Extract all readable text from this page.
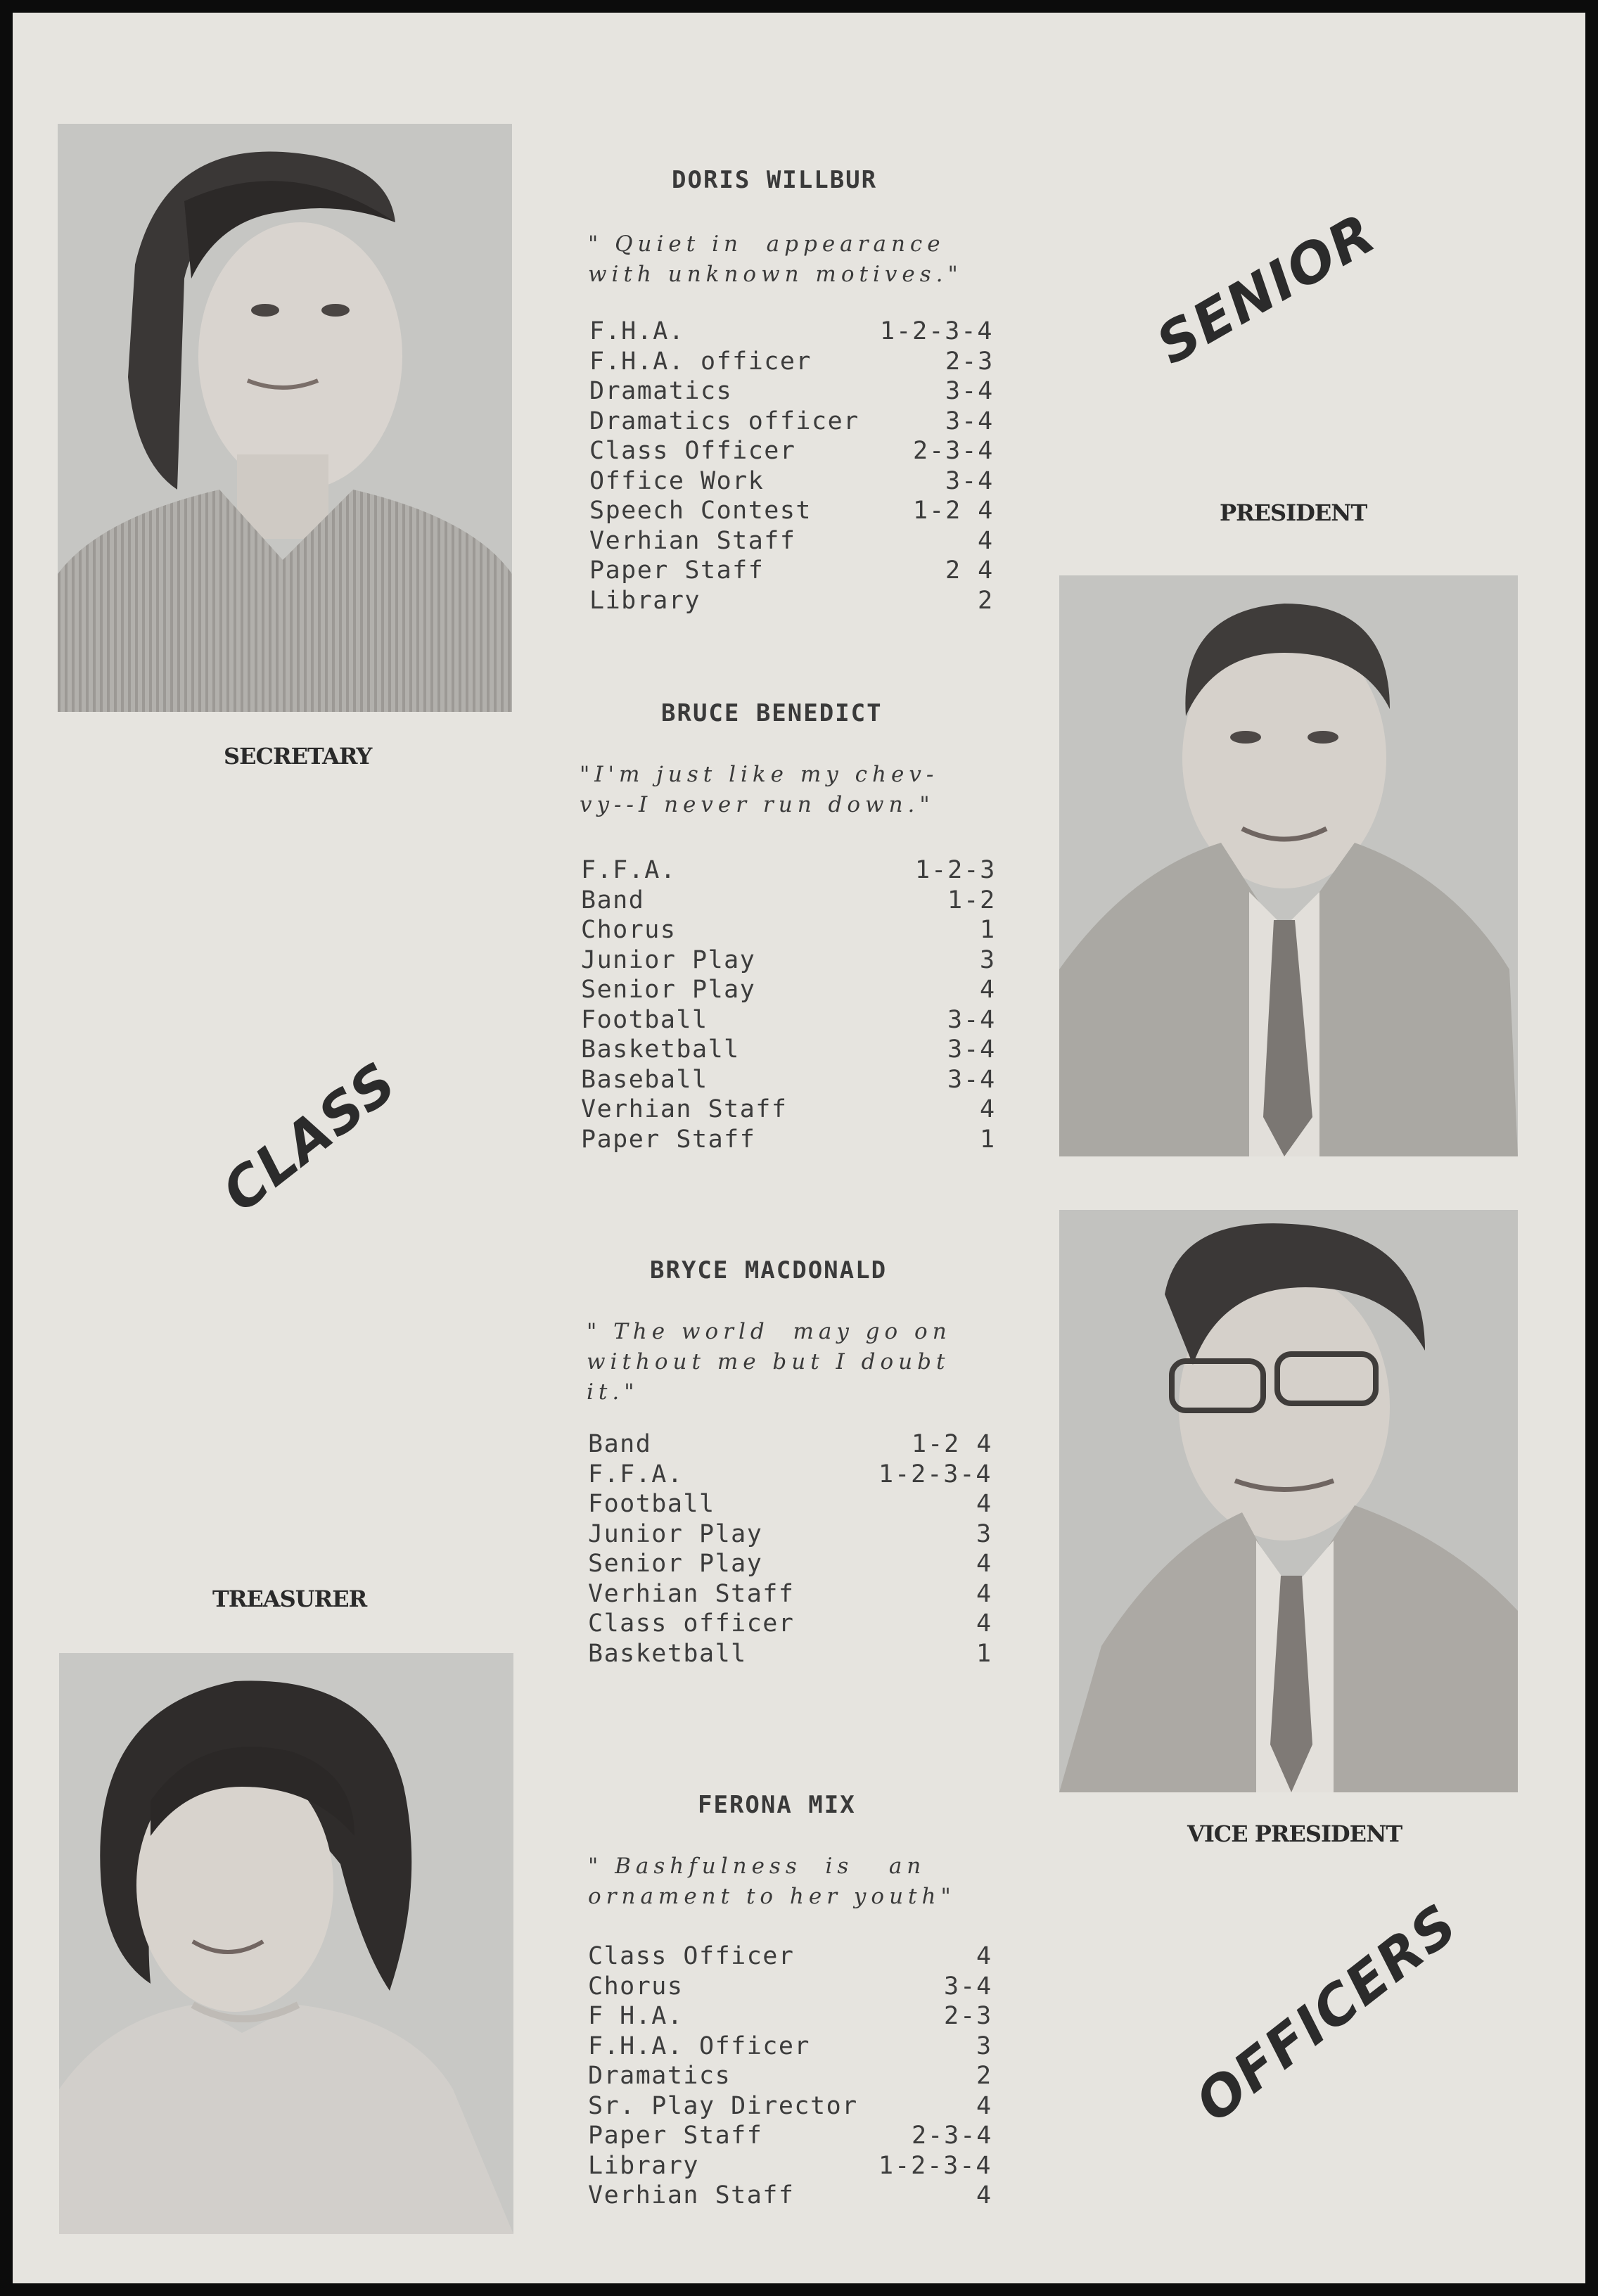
SECRETARY
PRESIDENT
TREASURER
VICE PRESIDENT
SENIOR
CLASS
OFFICERS
DORIS WILLBUR
" Quiet in  appearance
with unknown motives."
F.H.A.	1-2-3-4
F.H.A. officer	2-3
Dramatics	3-4
Dramatics officer	3-4
Class Officer	2-3-4
Office Work	3-4
Speech Contest	1-2 4
Verhian Staff	4
Paper Staff	2 4
Library	2
BRUCE BENEDICT
"I'm just like my chev-
vy--I never run down."
F.F.A.	1-2-3
Band	1-2
Chorus	1
Junior Play	3
Senior Play	4
Football	3-4
Basketball	3-4
Baseball	3-4
Verhian Staff	4
Paper Staff	1
BRYCE MACDONALD
" The world  may go on
without me but I doubt
it."
Band	1-2 4
F.F.A.	1-2-3-4
Football	4
Junior Play	3
Senior Play	4
Verhian Staff	4
Class officer	4
Basketball	1
FERONA MIX
" Bashfulness  is   an
ornament to her youth"
Class Officer	4
Chorus	3-4
F H.A.	2-3
F.H.A. Officer	3
Dramatics	2
Sr. Play Director	4
Paper Staff	2-3-4
Library	1-2-3-4
Verhian Staff	4
